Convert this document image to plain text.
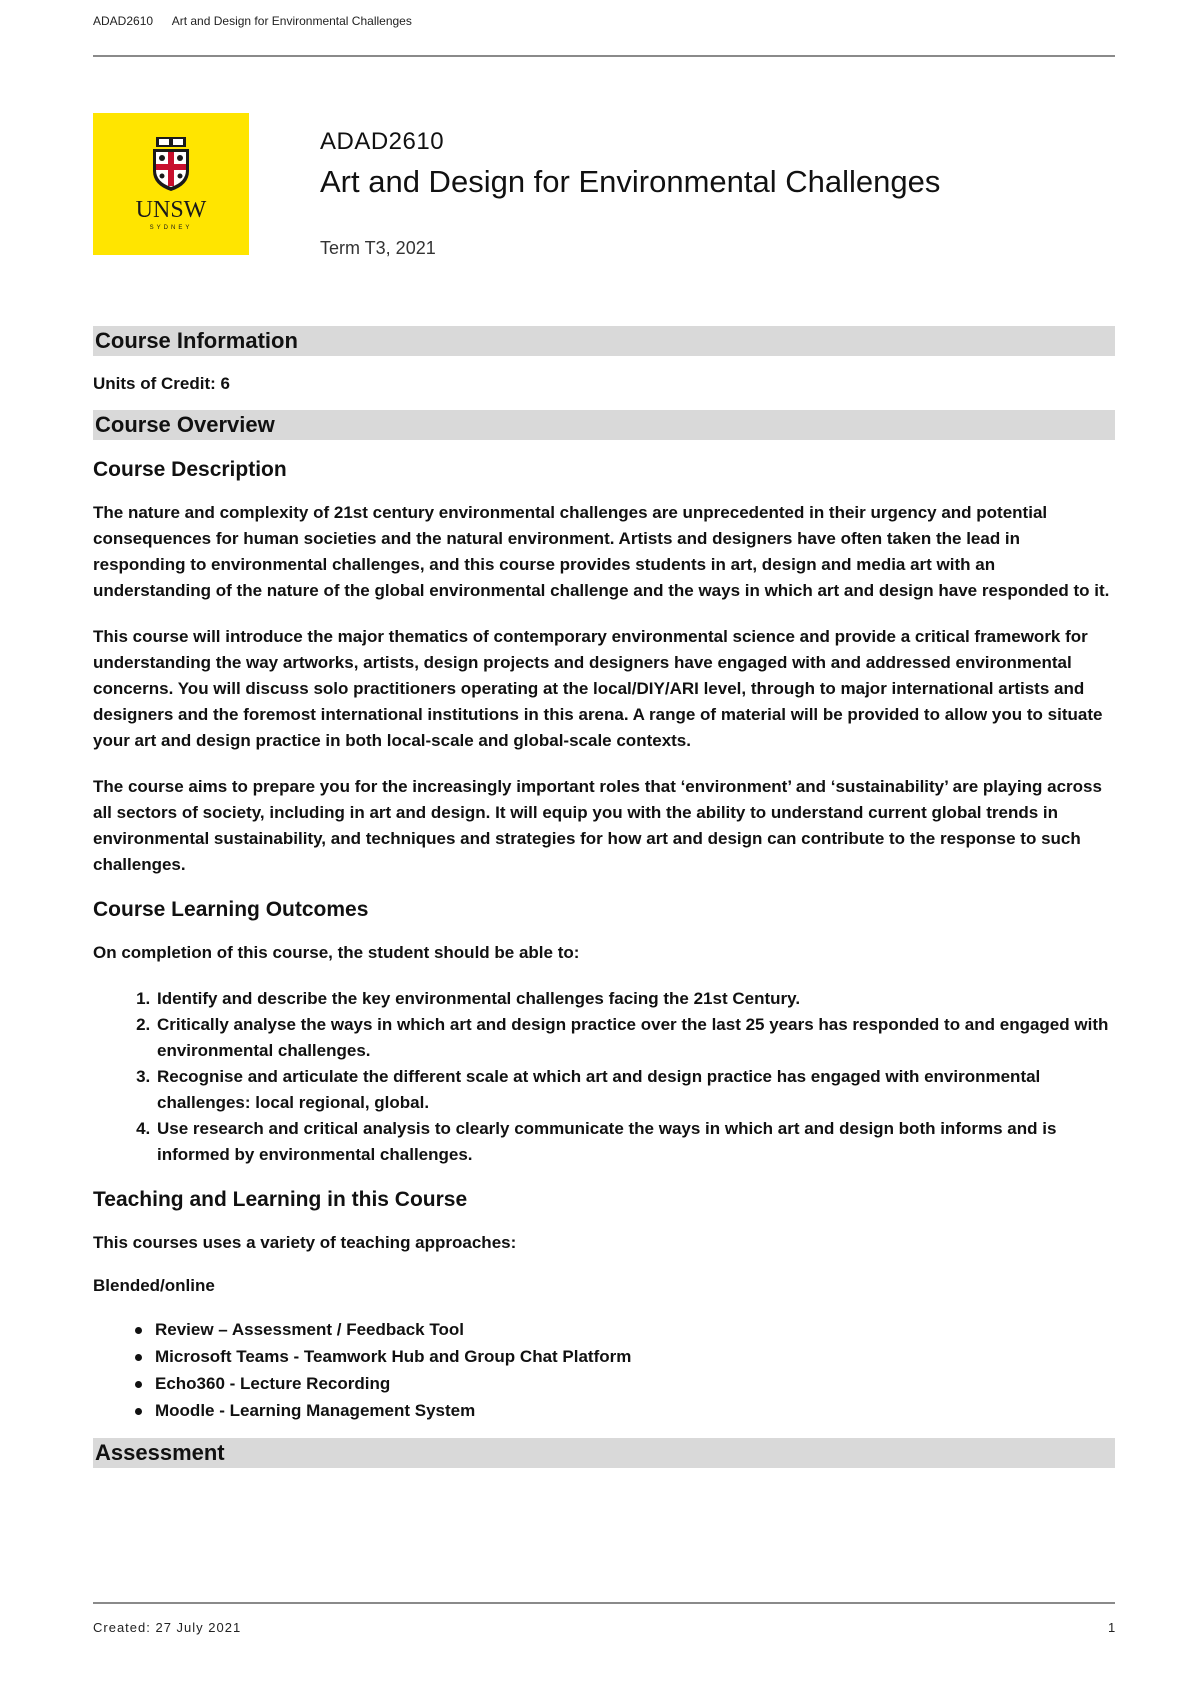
ADAD2610 Art and Design for Environmental Challenges
UNSW
SYDNEY
ADAD2610
Art and Design for Environmental Challenges
Term T3, 2021
Course Information
Units of Credit: 6
Course Overview
Course Description

The nature and complexity of 21st century environmental challenges are unprecedented in their urgency and potential consequences for human societies and the natural environment. Artists and designers have often taken the lead in responding to environmental challenges, and this course provides students in art, design and media art with an understanding of the nature of the global environmental challenge and the ways in which art and design have responded to it.

This course will introduce the major thematics of contemporary environmental science and provide a critical framework for understanding the way artworks, artists, design projects and designers have engaged with and addressed environmental concerns. You will discuss solo practitioners operating at the local/DIY/ARI level, through to major international artists and designers and the foremost international institutions in this arena. A range of material will be provided to allow you to situate your art and design practice in both local-scale and global-scale contexts.

The course aims to prepare you for the increasingly important roles that ‘environment’ and ‘sustainability’ are playing across all sectors of society, including in art and design. It will equip you with the ability to understand current global trends in environmental sustainability, and techniques and strategies for how art and design can contribute to the response to such challenges.

Course Learning Outcomes

On completion of this course, the student should be able to:

1. Identify and describe the key environmental challenges facing the 21st Century.
2. Critically analyse the ways in which art and design practice over the last 25 years has responded to and engaged with environmental challenges.
3. Recognise and articulate the different scale at which art and design practice has engaged with environmental challenges: local regional, global.
4. Use research and critical analysis to clearly communicate the ways in which art and design both informs and is informed by environmental challenges.
Teaching and Learning in this Course

This courses uses a variety of teaching approaches:

Blended/online
Review – Assessment / Feedback Tool
Microsoft Teams - Teamwork Hub and Group Chat Platform
Echo360 - Lecture Recording
Moodle - Learning Management System
Assessment
Created: 27 July 2021	1
